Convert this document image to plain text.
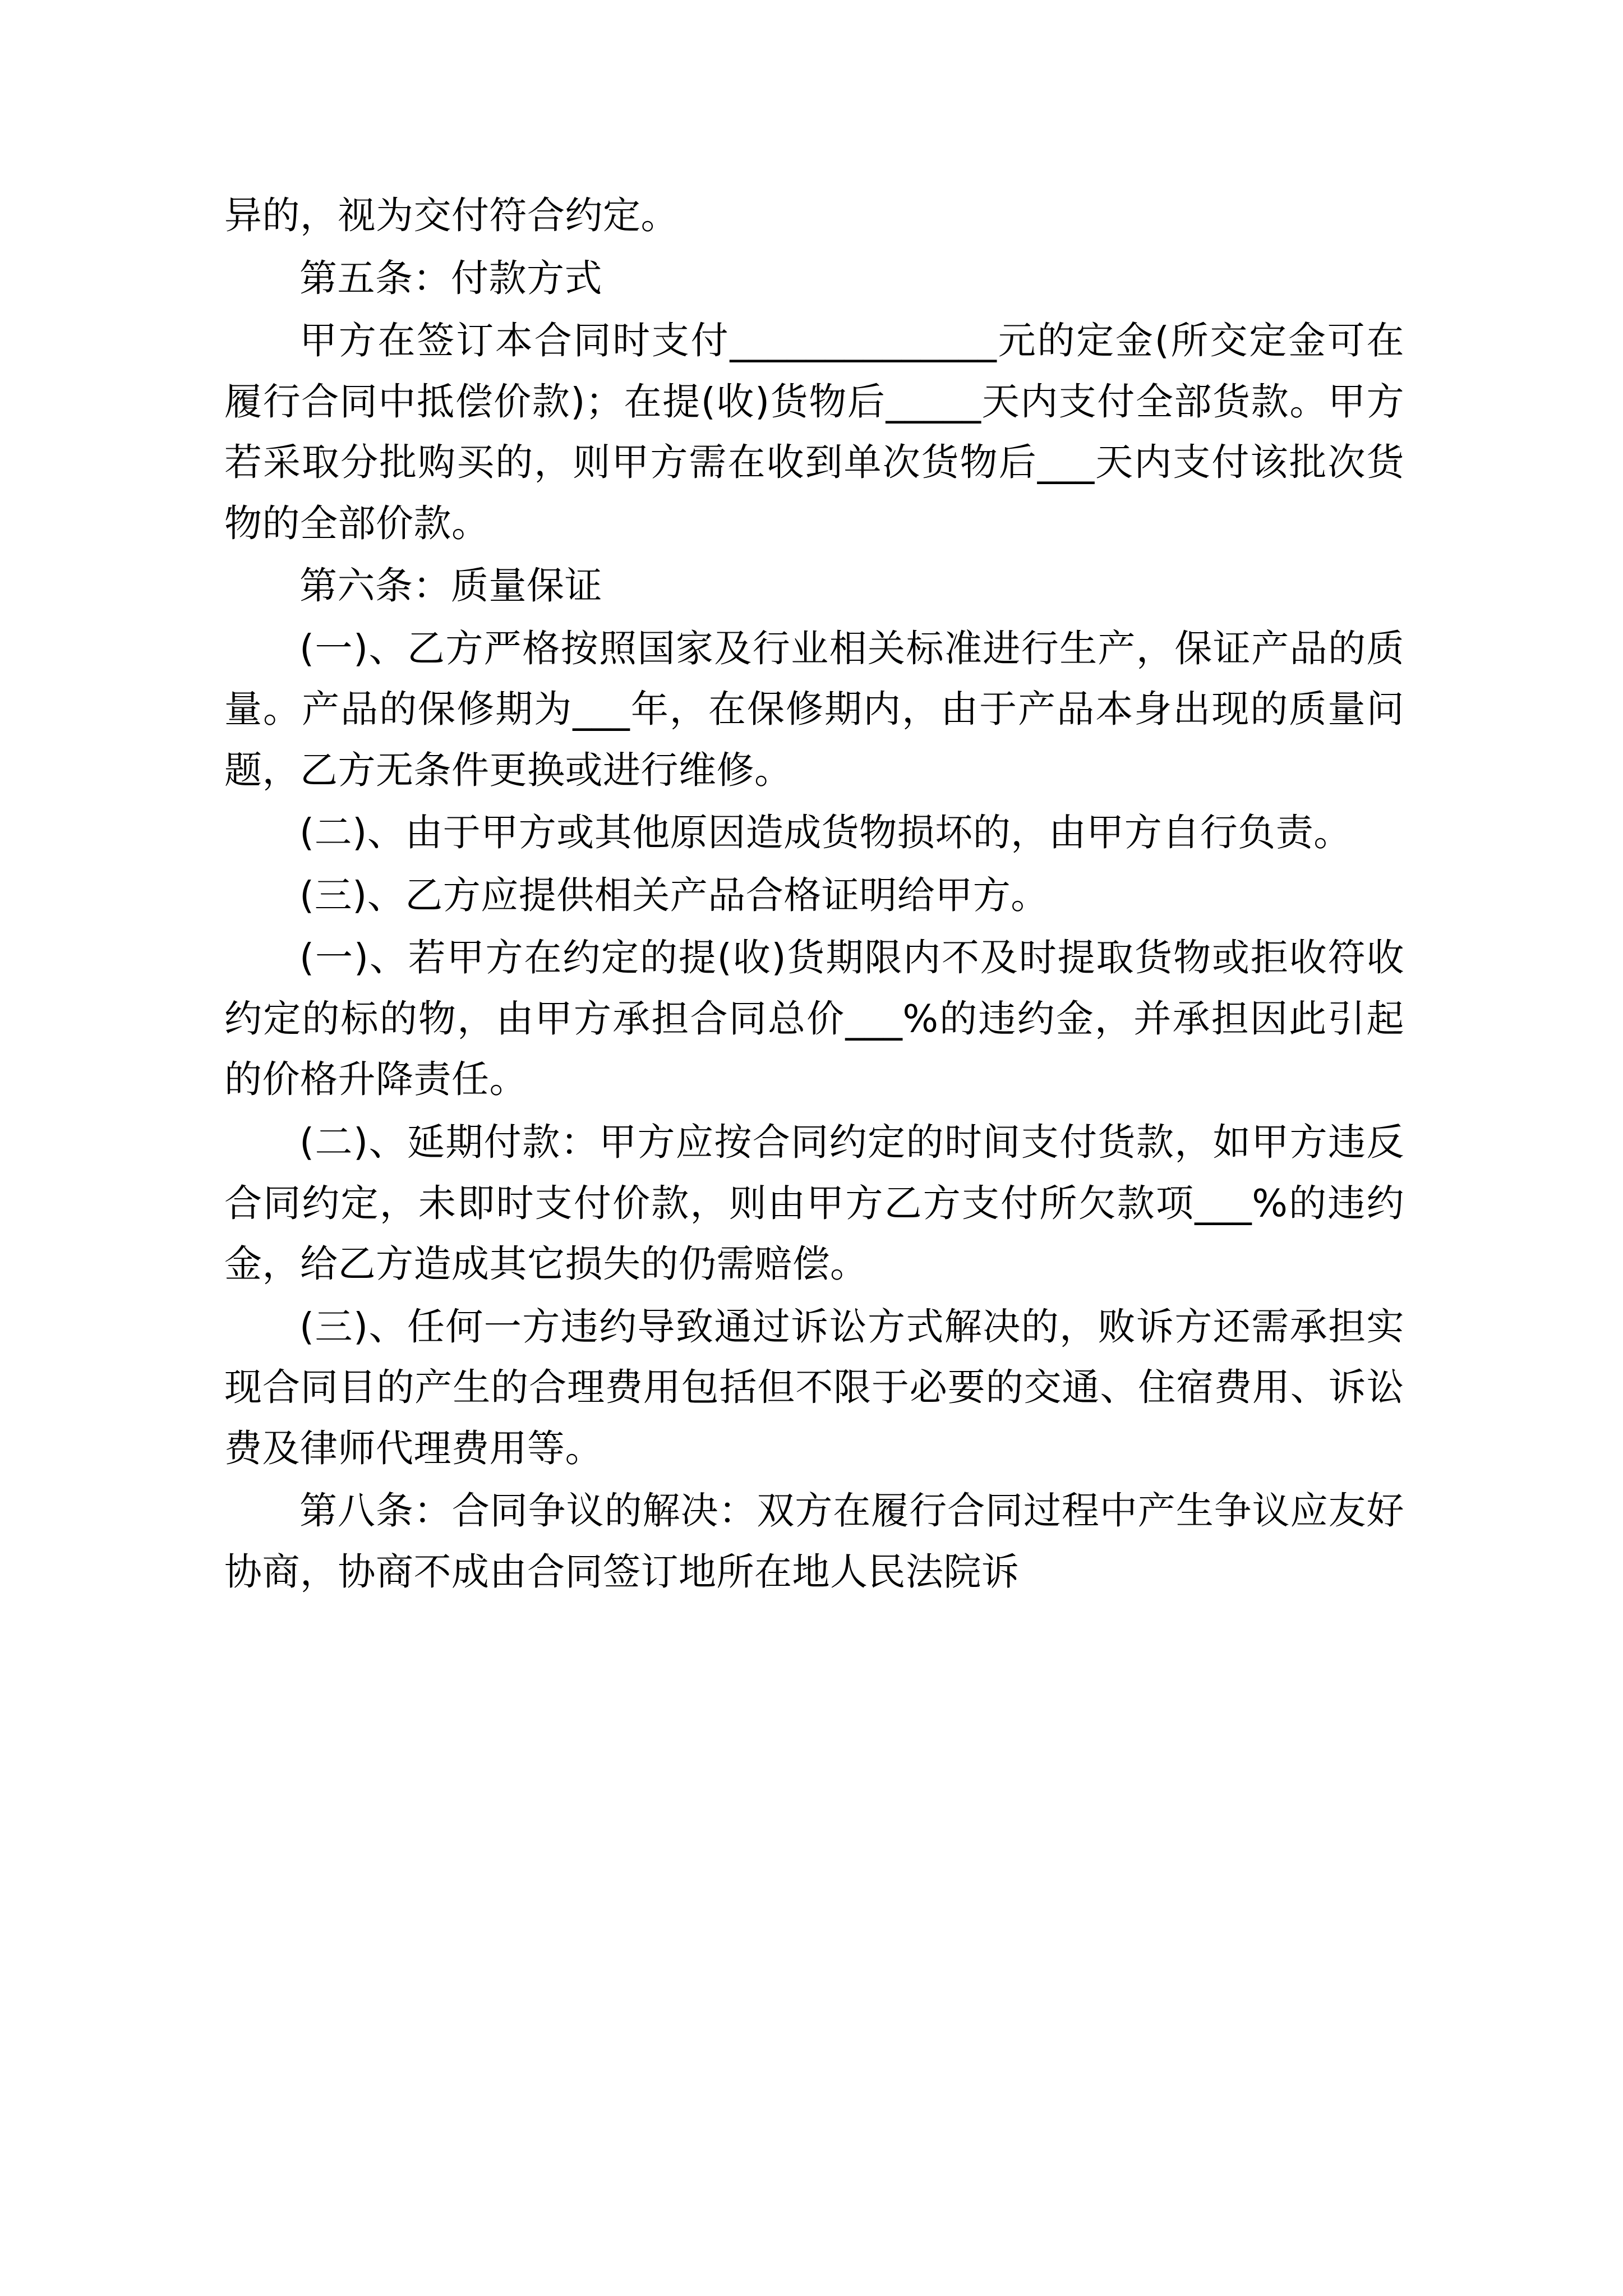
异的，视为交付符合约定。

第五条：付款方式

甲方在签订本合同时支付______________元的定金(所交定金可在履行合同中抵偿价款)；在提(收)货物后_____天内支付全部货款。甲方若采取分批购买的，则甲方需在收到单次货物后___天内支付该批次货物的全部价款。

第六条：质量保证

(一)、乙方严格按照国家及行业相关标准进行生产，保证产品的质量。产品的保修期为___年，在保修期内，由于产品本身出现的质量问题，乙方无条件更换或进行维修。

(二)、由于甲方或其他原因造成货物损坏的，由甲方自行负责。

(三)、乙方应提供相关产品合格证明给甲方。

(一)、若甲方在约定的提(收)货期限内不及时提取货物或拒收符收约定的标的物，由甲方承担合同总价___%的违约金，并承担因此引起的价格升降责任。

(二)、延期付款：甲方应按合同约定的时间支付货款，如甲方违反合同约定，未即时支付价款，则由甲方乙方支付所欠款项___%的违约金，给乙方造成其它损失的仍需赔偿。

(三)、任何一方违约导致通过诉讼方式解决的，败诉方还需承担实现合同目的产生的合理费用包括但不限于必要的交通、住宿费用、诉讼费及律师代理费用等。

第八条：合同争议的解决：双方在履行合同过程中产生争议应友好协商，协商不成由合同签订地所在地人民法院诉
